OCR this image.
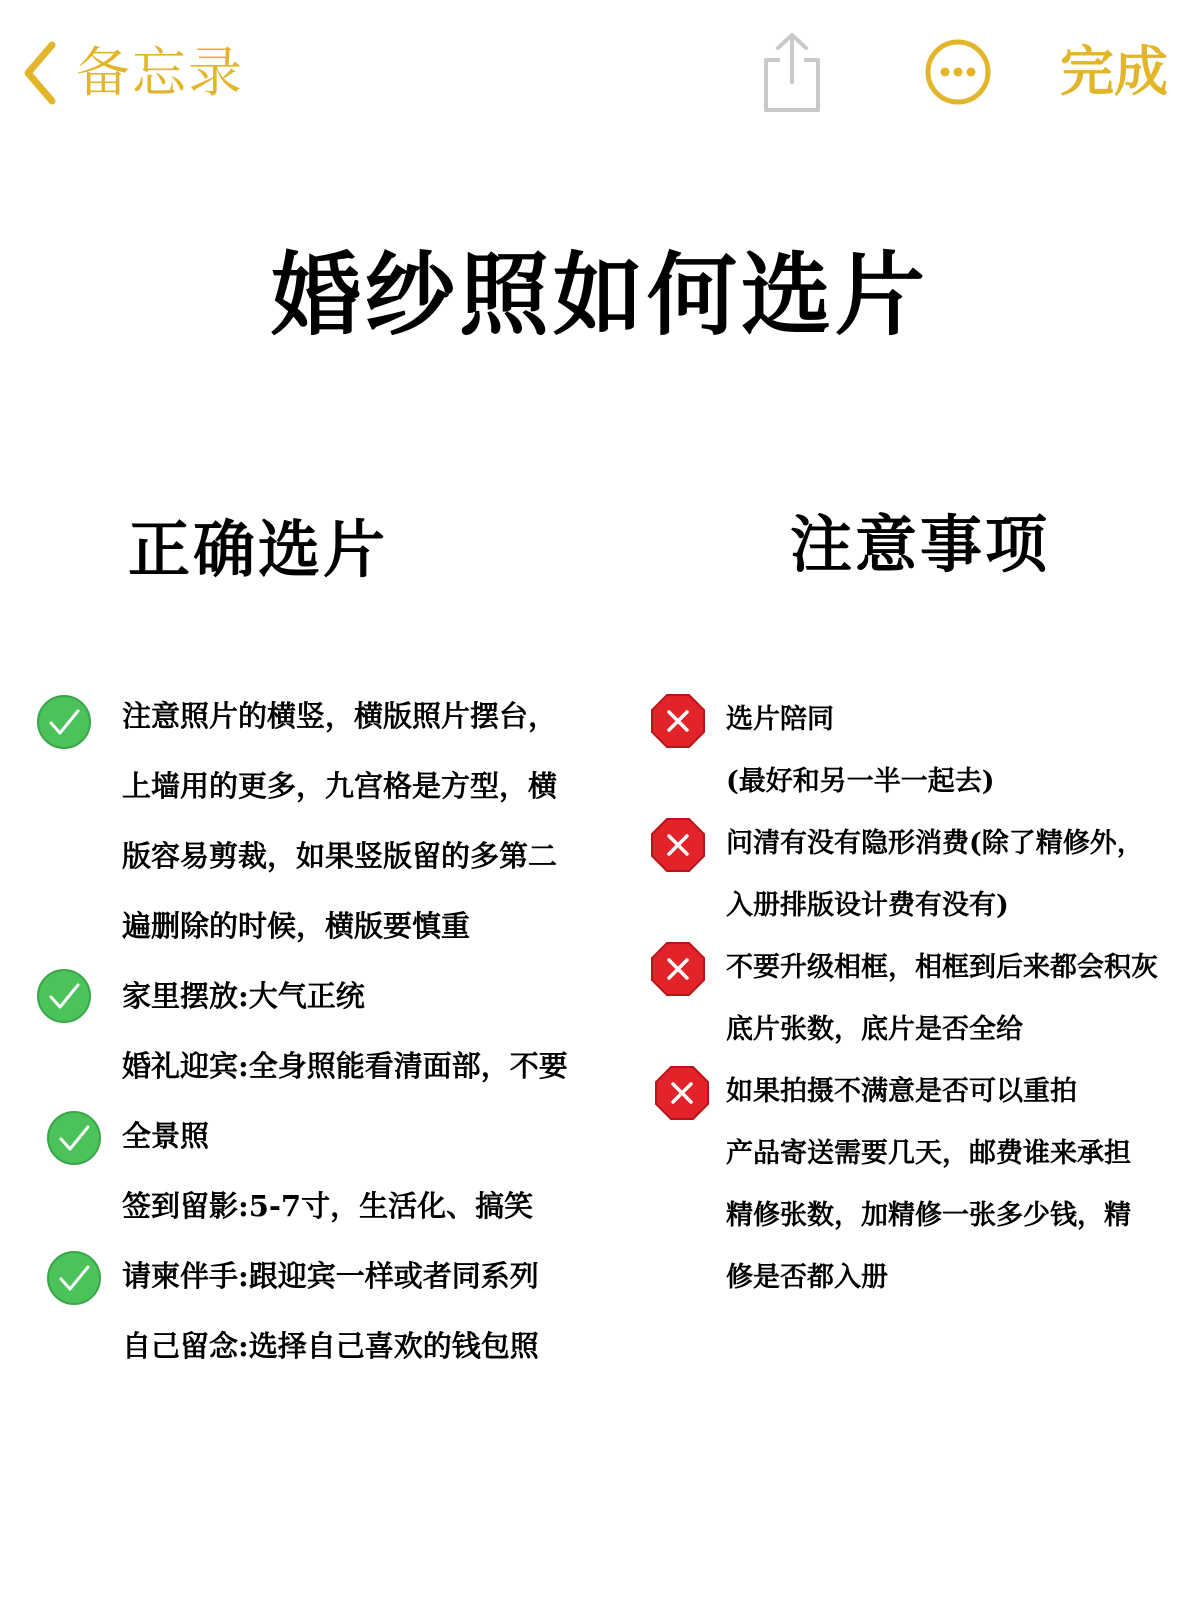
备忘录	完成
婚纱照如何选片
正确选片	注意事项
注意照片的横竖，横版照片摆台，
上墙用的更多，九宫格是方型，横
版容易剪裁，如果竖版留的多第二
遍删除的时候，横版要慎重
家里摆放:大气正统
婚礼迎宾:全身照能看清面部，不要
全景照
签到留影:5-7寸，生活化、搞笑
请柬伴手:跟迎宾一样或者同系列
自己留念:选择自己喜欢的钱包照
选片陪同
(最好和另一半一起去)
问清有没有隐形消费(除了精修外，
入册排版设计费有没有)
不要升级相框，相框到后来都会积灰
底片张数，底片是否全给
如果拍摄不满意是否可以重拍
产品寄送需要几天，邮费谁来承担
精修张数，加精修一张多少钱，精
修是否都入册
